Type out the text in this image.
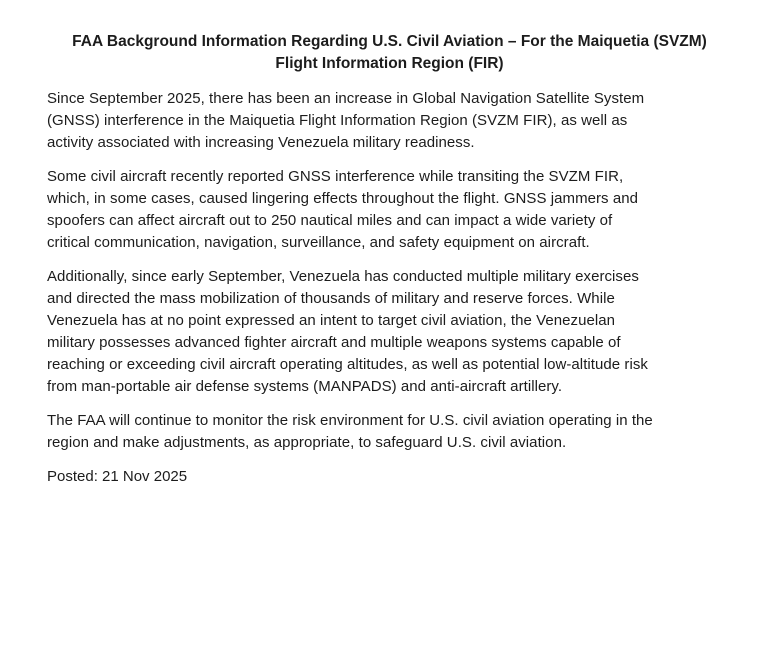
FAA Background Information Regarding U.S. Civil Aviation – For the Maiquetia (SVZM)
Flight Information Region (FIR)
Since September 2025, there has been an increase in Global Navigation Satellite System
(GNSS) interference in the Maiquetia Flight Information Region (SVZM FIR), as well as
activity associated with increasing Venezuela military readiness.
Some civil aircraft recently reported GNSS interference while transiting the SVZM FIR,
which, in some cases, caused lingering effects throughout the flight. GNSS jammers and
spoofers can affect aircraft out to 250 nautical miles and can impact a wide variety of
critical communication, navigation, surveillance, and safety equipment on aircraft.
Additionally, since early September, Venezuela has conducted multiple military exercises
and directed the mass mobilization of thousands of military and reserve forces. While
Venezuela has at no point expressed an intent to target civil aviation, the Venezuelan
military possesses advanced fighter aircraft and multiple weapons systems capable of
reaching or exceeding civil aircraft operating altitudes, as well as potential low-altitude risk
from man-portable air defense systems (MANPADS) and anti-aircraft artillery.
The FAA will continue to monitor the risk environment for U.S. civil aviation operating in the
region and make adjustments, as appropriate, to safeguard U.S. civil aviation.
Posted: 21 Nov 2025
